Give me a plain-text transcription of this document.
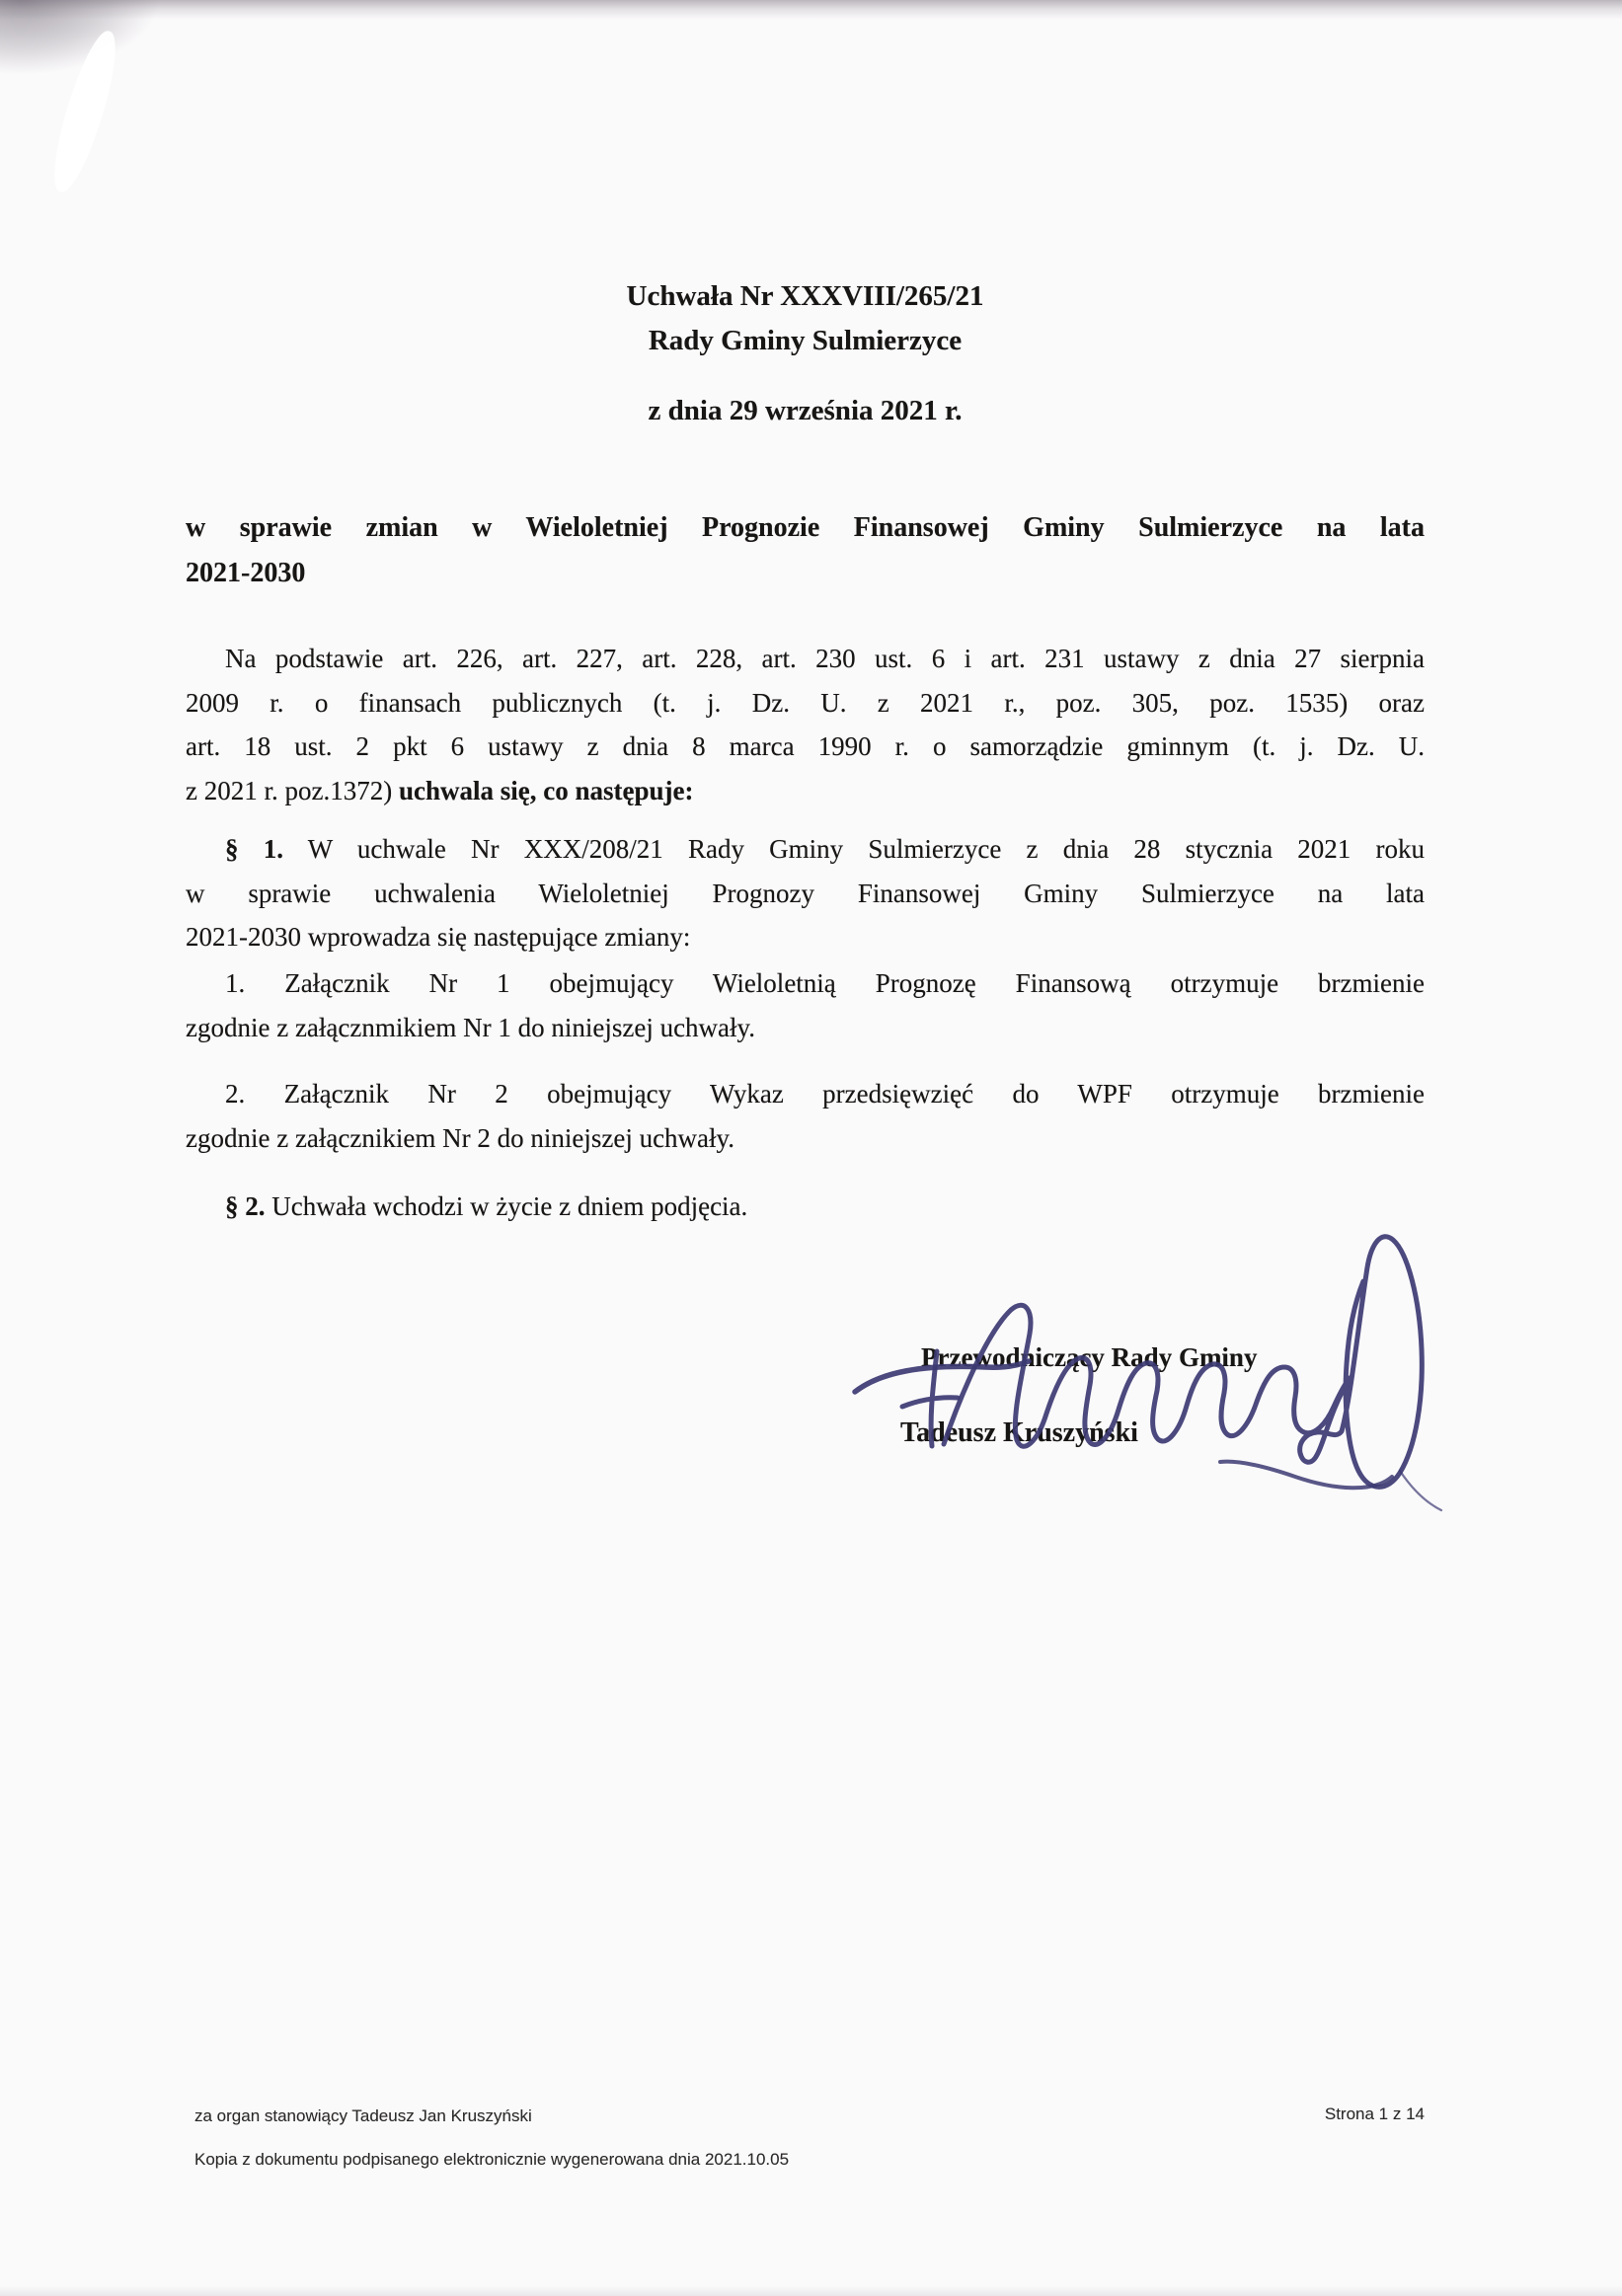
Uchwała Nr XXXVIII/265/21
Rady Gminy Sulmierzyce
z dnia 29 września 2021 r.
w sprawie zmian w Wieloletniej Prognozie Finansowej Gminy Sulmierzyce na lata
2021-2030
Na podstawie art. 226, art. 227, art. 228, art. 230 ust. 6 i art. 231 ustawy z dnia 27 sierpnia
2009 r. o finansach publicznych (t. j. Dz. U. z 2021 r., poz. 305, poz. 1535) oraz
art. 18 ust. 2 pkt 6 ustawy z dnia 8 marca 1990 r. o samorządzie gminnym (t. j. Dz. U.
z 2021 r. poz.1372) uchwala się, co następuje:
§ 1. W uchwale Nr XXX/208/21 Rady Gminy Sulmierzyce z dnia 28 stycznia 2021 roku
w sprawie uchwalenia Wieloletniej Prognozy Finansowej Gminy Sulmierzyce na lata
2021-2030 wprowadza się następujące zmiany:
1. Załącznik Nr 1 obejmujący Wieloletnią Prognozę Finansową otrzymuje brzmienie
zgodnie z załącznmikiem Nr 1 do niniejszej uchwały.
2. Załącznik Nr 2 obejmujący Wykaz przedsięwzięć do WPF otrzymuje brzmienie
zgodnie z załącznikiem Nr 2 do niniejszej uchwały.
§ 2. Uchwała wchodzi w życie z dniem podjęcia.
Przewodniczący Rady Gminy
Tadeusz Kruszyński
za organ stanowiący Tadeusz Jan Kruszyński	Strona 1 z 14
Kopia z dokumentu podpisanego elektronicznie wygenerowana dnia 2021.10.05
